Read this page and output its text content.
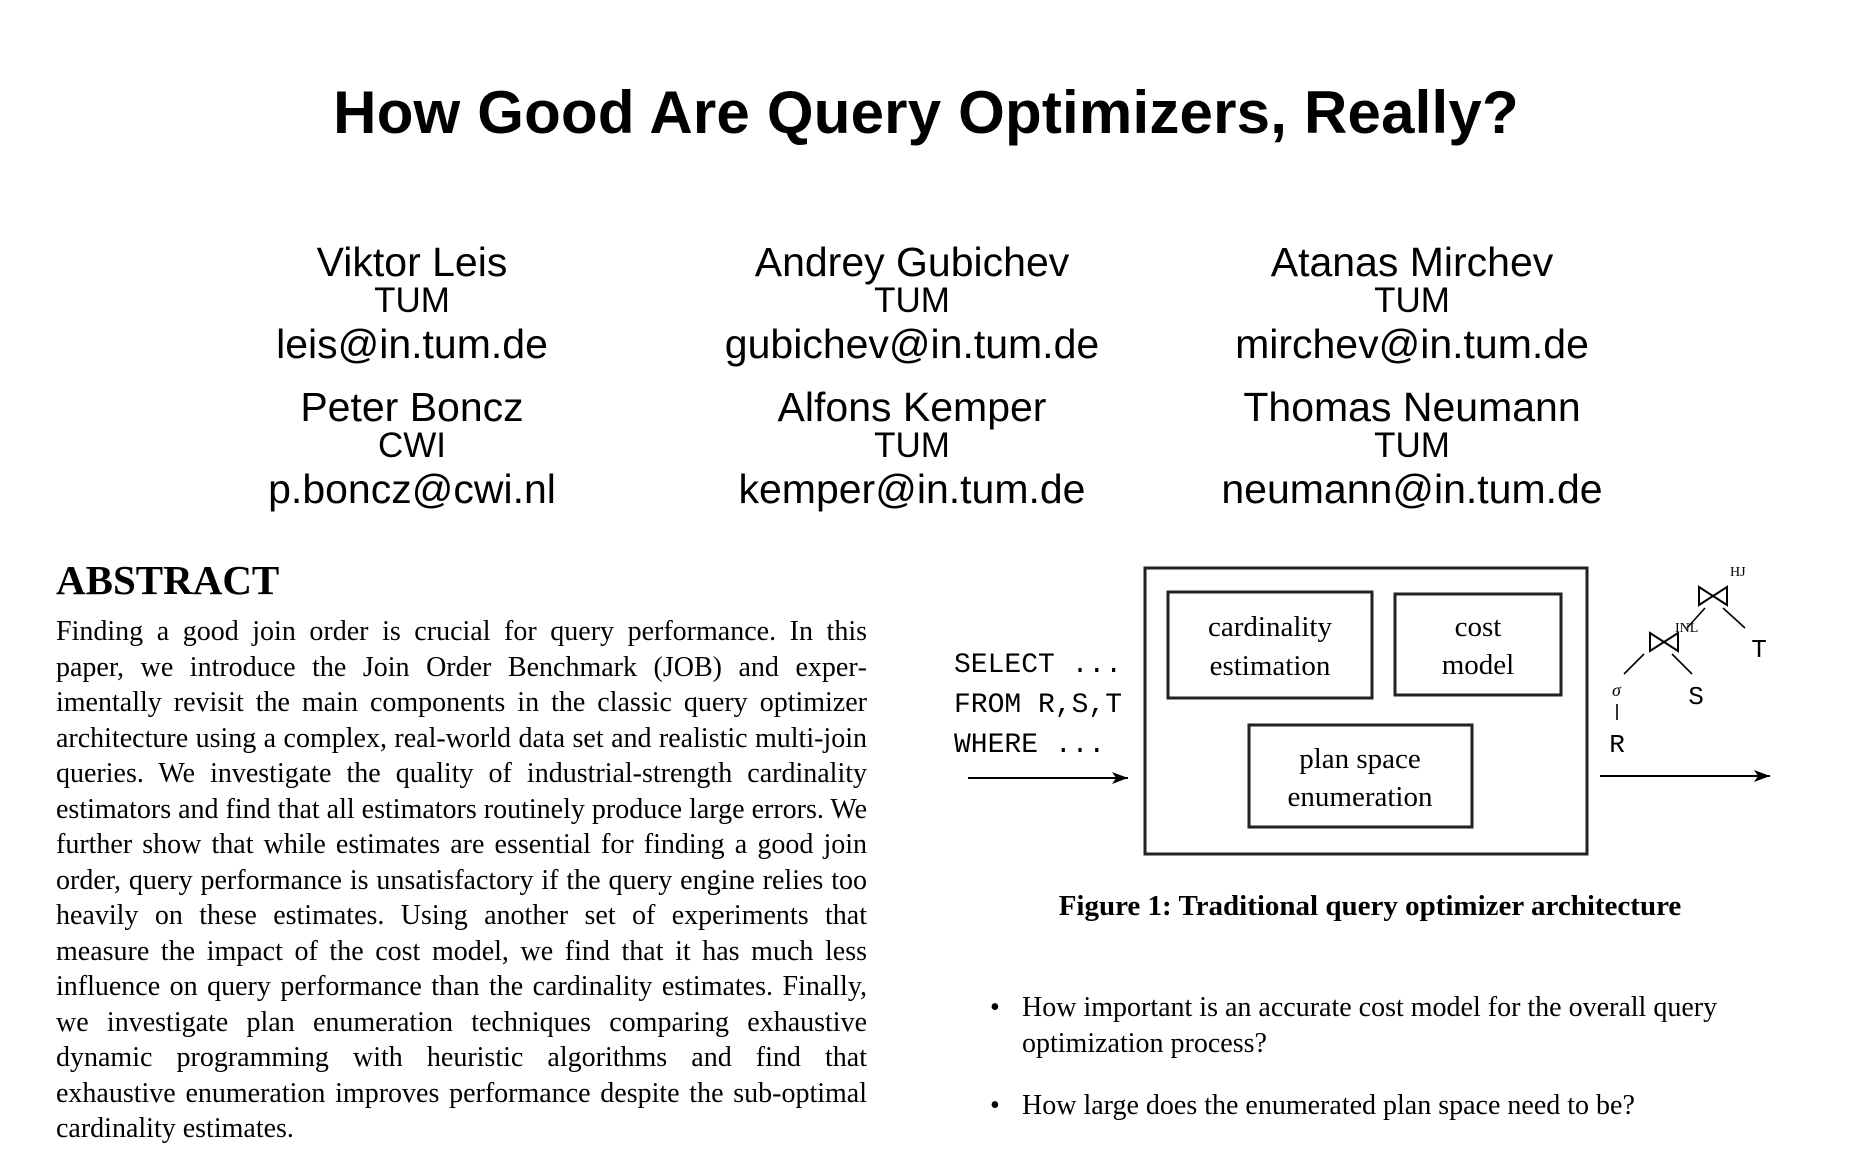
How Good Are Query Optimizers, Really?
Viktor Leis
TUM
leis@in.tum.de
Andrey Gubichev
TUM
gubichev@in.tum.de
Atanas Mirchev
TUM
mirchev@in.tum.de
Peter Boncz
CWI
p.boncz@cwi.nl
Alfons Kemper
TUM
kemper@in.tum.de
Thomas Neumann
TUM
neumann@in.tum.de
ABSTRACT
Finding a good join order is crucial for query performance. In this paper, we introduce the Join Order Benchmark (JOB) and experimentally revisit the main components in the classic query optimizer architecture using a complex, real-world data set and realistic multi-join queries. We investigate the quality of industrial-strength cardinality estimators and find that all estimators routinely produce large errors. We further show that while estimates are essential for finding a good join order, query performance is unsatisfactory if the query engine relies too heavily on these estimates. Using another set of experiments that measure the impact of the cost model, we find that it has much less influence on query performance than the cardinality estimates. Finally, we investigate plan enumeration techniques comparing exhaustive dynamic programming with heuristic algorithms and find that exhaustive enumeration improves performance despite the sub-optimal cardinality estimates.
SELECT ...
FROM R,S,T
WHERE ...
cardinality
estimation
cost
model
plan space
enumeration
HJ
INL
σ
R
S
T
Figure 1: Traditional query optimizer architecture
• How important is an accurate cost model for the overall query optimization process?
• How large does the enumerated plan space need to be?
